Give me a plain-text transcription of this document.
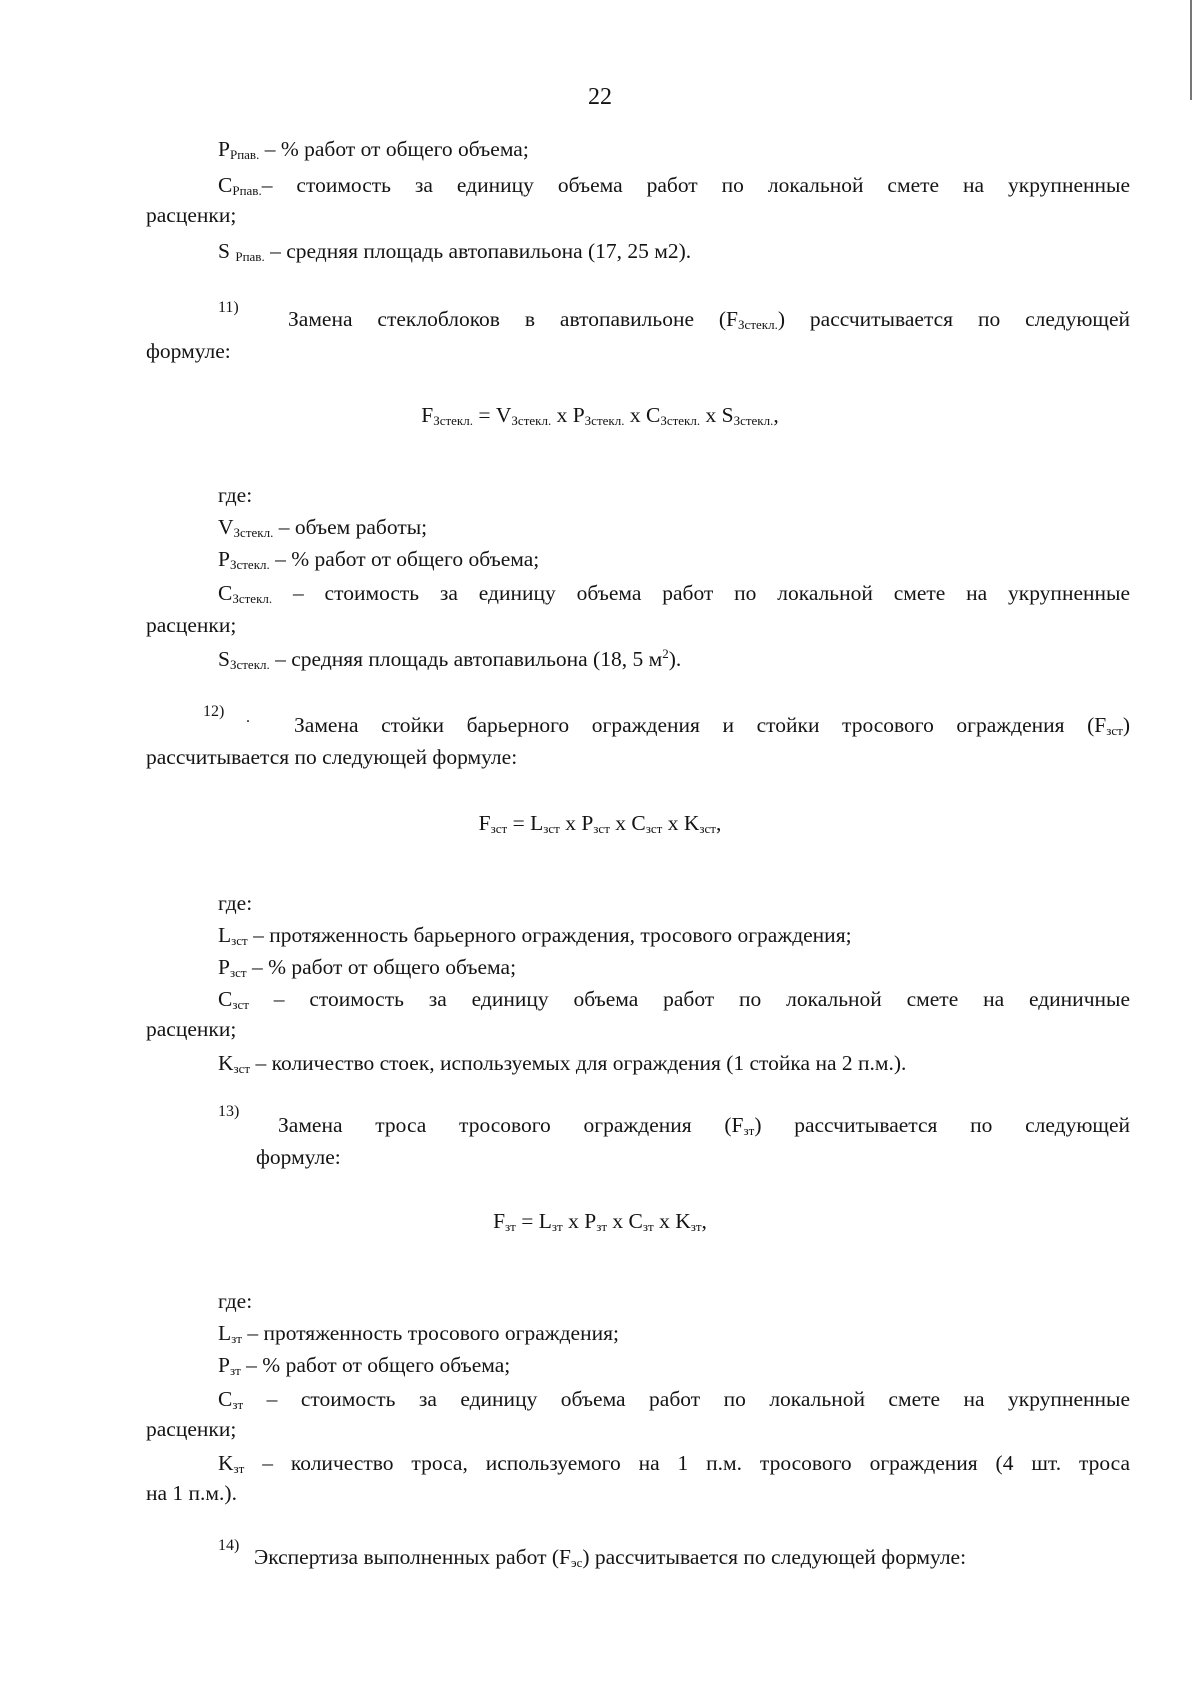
22
$P_{Рпав.}$ – % работ от общего объема;
$C_{Рпав.}-$ стоимость за единицу объема работ по локальной смете на укрупненные
расценки;
S $_{Рпав.}$ – средняя площадь автопавильона (17, 25 м2).
11) Замена стеклоблоков в автопавильоне $(F_{Зстекл.})$ рассчитывается по следующей
формуле:
$F_{Зстекл.} = V_{Зстекл.}$ x $P_{Зстекл.}$ x $C_{Зстекл.}$ x $S_{Зстекл.}$,
где:
$V_{Зстекл.}$ – объем работы;
$P_{Зстекл.}$ – % работ от общего объема;
$C_{Зстекл.}$ – стоимость за единицу объема работ по локальной смете на укрупненные
расценки;
$S_{Зстекл.}$ – средняя площадь автопавильона (18, 5 $м^2$).
12) . Замена стойки барьерного ограждения и стойки тросового ограждения $(F_{зст})$
рассчитывается по следующей формуле:
$F_{зст} = L_{зст}$ x $P_{зст}$ x $C_{зст}$ x $K_{зст}$,
где:
$L_{зст}$ – протяженность барьерного ограждения, тросового ограждения;
$P_{зст}$ – % работ от общего объема;
$C_{зст}$ – стоимость за единицу объема работ по локальной смете на единичные
расценки;
$K_{зст}$ – количество стоек, используемых для ограждения (1 стойка на 2 п.м.).
13)
Замена троса тросового ограждения $(F_{зт})$ рассчитывается по следующей
формуле:
$F_{зт} = L_{зт}$ x $P_{зт}$ x $C_{зт}$ x $K_{зт}$,
где:
$L_{зт}$ – протяженность тросового ограждения;
$P_{зт}$ – % работ от общего объема;
$C_{зт}$ – стоимость за единицу объема работ по локальной смете на укрупненные
расценки;
$K_{зт}$ – количество троса, используемого на 1 п.м. тросового ограждения (4 шт. троса
на 1 п.м.).
14) Экспертиза выполненных работ $(F_{эс})$ рассчитывается по следующей формуле:
